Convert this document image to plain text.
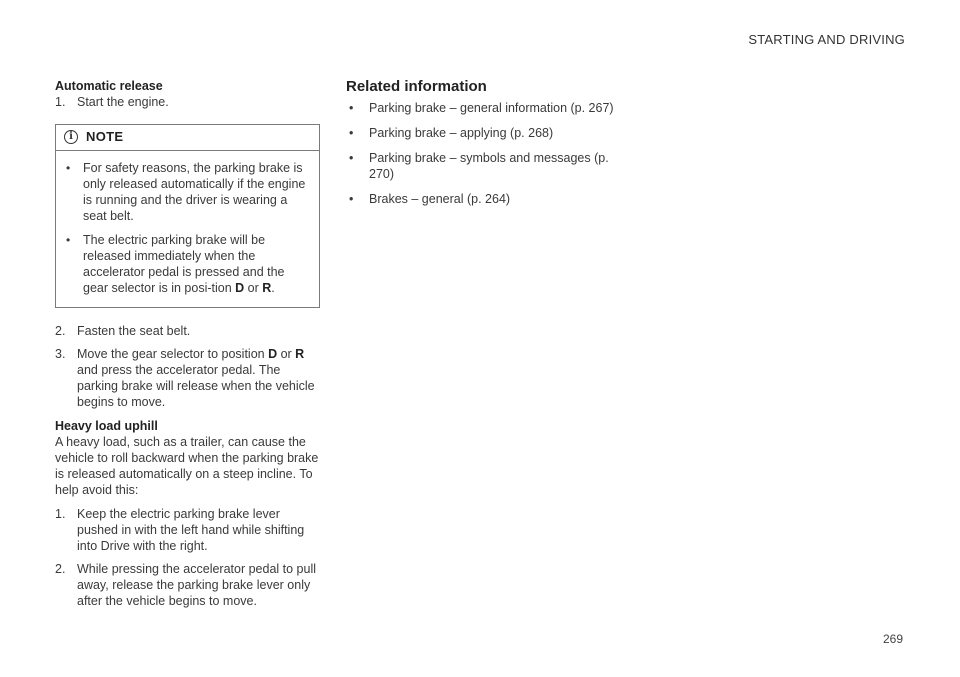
STARTING AND DRIVING
Automatic release

1. Start the engine.

i	NOTE
• For safety reasons, the parking brake is only released automatically if the engine is running and the driver is wearing a seat belt.
• The electric parking brake will be released immediately when the accelerator pedal is pressed and the gear selector is in posi-tion D or R.

2. Fasten the seat belt.

3. Move the gear selector to position D or R and press the accelerator pedal. The parking brake will release when the vehicle begins to move.

Heavy load uphill

A heavy load, such as a trailer, can cause the vehicle to roll backward when the parking brake is released automatically on a steep incline. To help avoid this:

1. Keep the electric parking brake lever pushed in with the left hand while shifting into Drive with the right.

2. While pressing the accelerator pedal to pull away, release the parking brake lever only after the vehicle begins to move.

Related information
• Parking brake – general information (p. 267)
• Parking brake – applying (p. 268)
• Parking brake – symbols and messages (p. 270)
• Brakes – general (p. 264)
269
